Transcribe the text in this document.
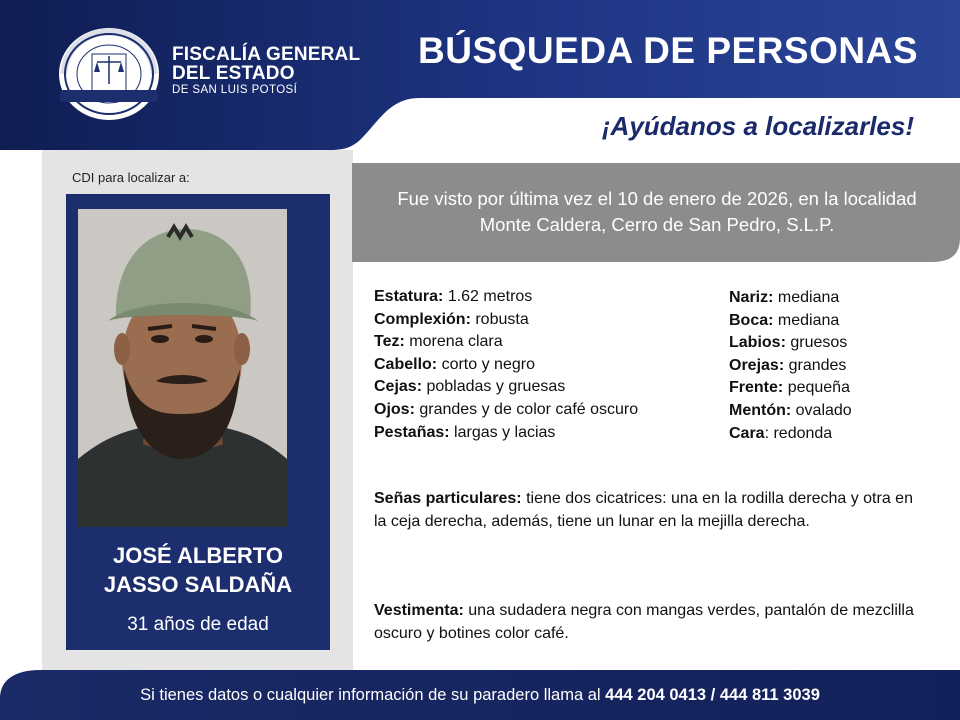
FISCALÍA GENERAL
DEL ESTADO
DE SAN LUIS POTOSÍ
BÚSQUEDA DE PERSONAS
¡Ayúdanos a localizarles!
CDI para localizar a:
JOSÉ ALBERTO
JASSO SALDAÑA
31 años de edad
Fue visto por última vez el 10 de enero de 2026, en la localidad Monte Caldera, Cerro de San Pedro, S.L.P.
Estatura: 1.62 metros
Complexión: robusta
Tez: morena clara
Cabello: corto y negro
Cejas: pobladas y gruesas
Ojos: grandes y de color café oscuro
Pestañas: largas y lacias
Nariz: mediana
Boca: mediana
Labios: gruesos
Orejas: grandes
Frente: pequeña
Mentón: ovalado
Cara: redonda
Señas particulares: tiene dos cicatrices: una en la rodilla derecha y otra en la ceja derecha, además, tiene un lunar en la mejilla derecha.
Vestimenta: una sudadera negra con mangas verdes, pantalón de mezclilla oscuro y botines color café.
Si tienes datos o cualquier información de su paradero llama al 444 204 0413 / 444 811 3039
